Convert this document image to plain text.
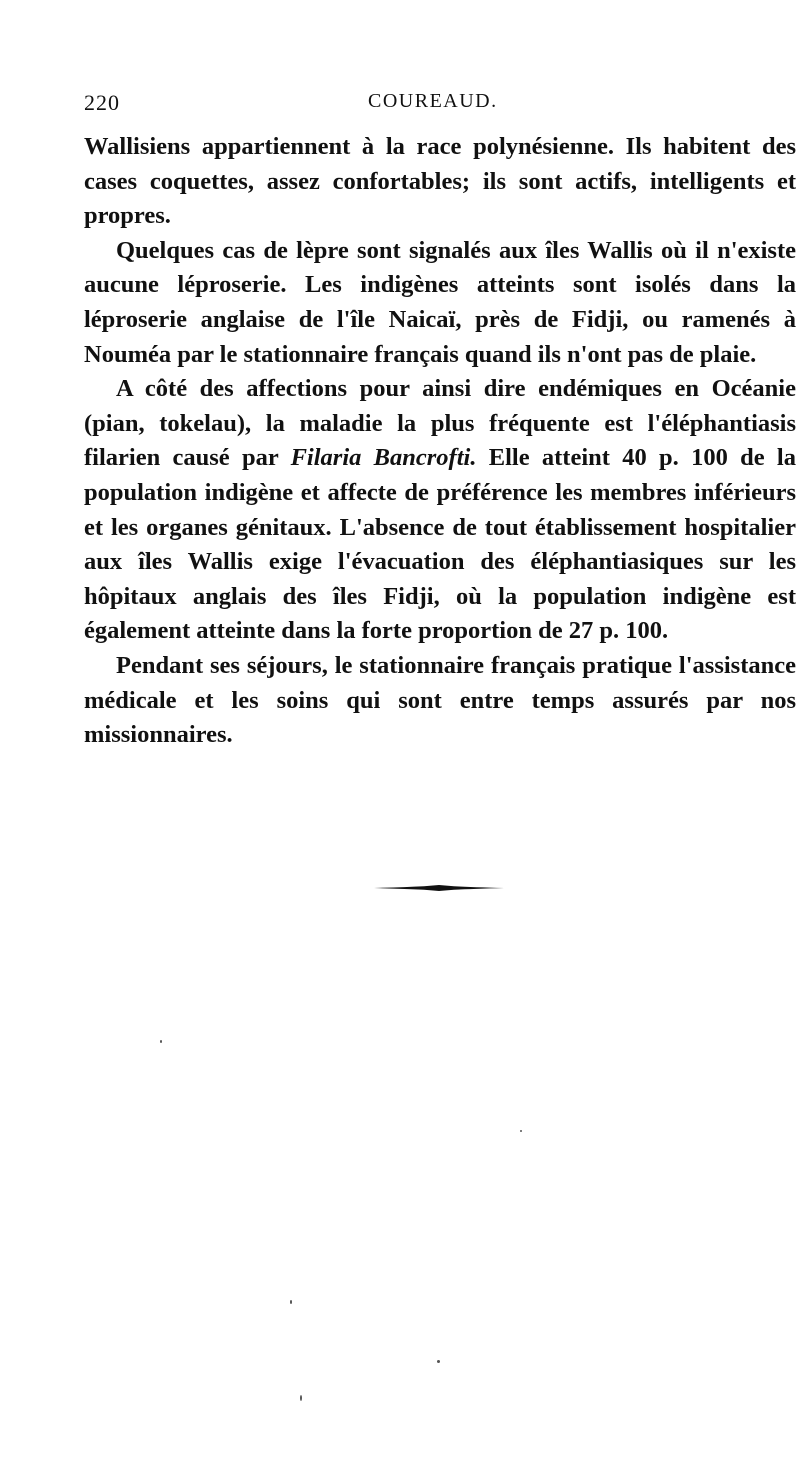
220	COUREAUD.

Wallisiens appartiennent à la race polynésienne. Ils habitent des cases coquettes, assez confortables; ils sont actifs, intelligents et propres.

Quelques cas de lèpre sont signalés aux îles Wallis où il n'existe aucune léproserie. Les indigènes atteints sont isolés dans la léproserie anglaise de l'île Naicaï, près de Fidji, ou ramenés à Nouméa par le stationnaire français quand ils n'ont pas de plaie.

A côté des affections pour ainsi dire endémiques en Océanie (pian, tokelau), la maladie la plus fréquente est l'éléphantiasis filarien causé par Filaria Bancrofti. Elle atteint 40 p. 100 de la population indigène et affecte de préférence les membres inférieurs et les organes génitaux. L'absence de tout établissement hospitalier aux îles Wallis exige l'évacuation des éléphantiasiques sur les hôpitaux anglais des îles Fidji, où la population indigène est également atteinte dans la forte proportion de 27 p. 100.

Pendant ses séjours, le stationnaire français pratique l'assistance médicale et les soins qui sont entre temps assurés par nos missionnaires.
